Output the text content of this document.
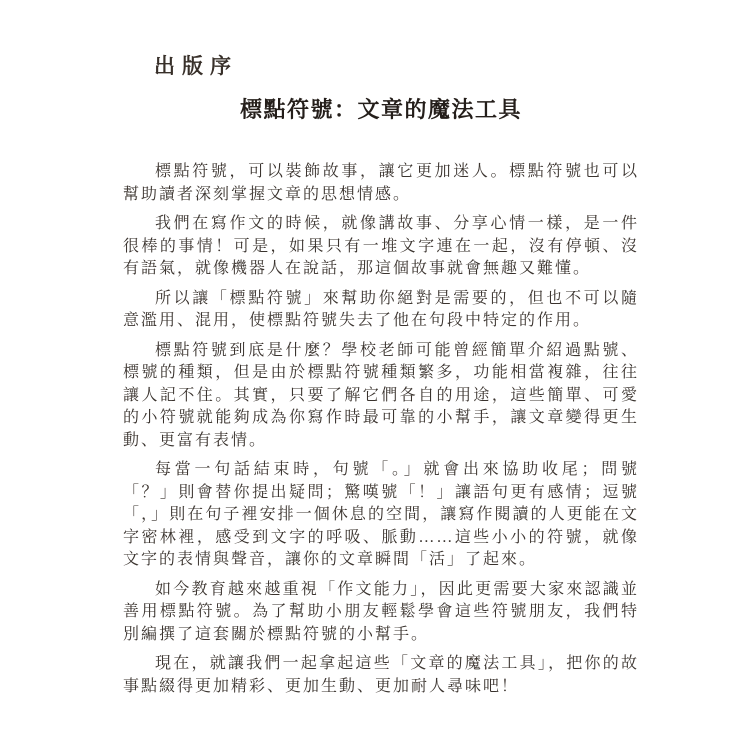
出版序
標點符號：文章的魔法工具

標點符號，可以裝飾故事，讓它更加迷人。標點符號也可以幫助讀者深刻掌握文章的思想情感。

我們在寫作文的時候，就像講故事、分享心情一樣，是一件很棒的事情！可是，如果只有一堆文字連在一起，沒有停頓、沒有語氣，就像機器人在說話，那這個故事就會無趣又難懂。

所以讓「標點符號」來幫助你絕對是需要的，但也不可以隨意濫用、混用，使標點符號失去了他在句段中特定的作用。

標點符號到底是什麼？學校老師可能曾經簡單介紹過點號、標號的種類，但是由於標點符號種類繁多，功能相當複雜，往往讓人記不住。其實，只要了解它們各自的用途，這些簡單、可愛的小符號就能夠成為你寫作時最可靠的小幫手，讓文章變得更生動、更富有表情。

每當一句話結束時，句號「。」就會出來協助收尾；問號「？」則會替你提出疑問；驚嘆號「！」讓語句更有感情；逗號「，」則在句子裡安排一個休息的空間，讓寫作閱讀的人更能在文字密林裡，感受到文字的呼吸、脈動……這些小小的符號，就像文字的表情與聲音，讓你的文章瞬間「活」了起來。

如今教育越來越重視「作文能力」，因此更需要大家來認識並善用標點符號。為了幫助小朋友輕鬆學會這些符號朋友，我們特別編撰了這套關於標點符號的小幫手。

現在，就讓我們一起拿起這些「文章的魔法工具」，把你的故事點綴得更加精彩、更加生動、更加耐人尋味吧！
